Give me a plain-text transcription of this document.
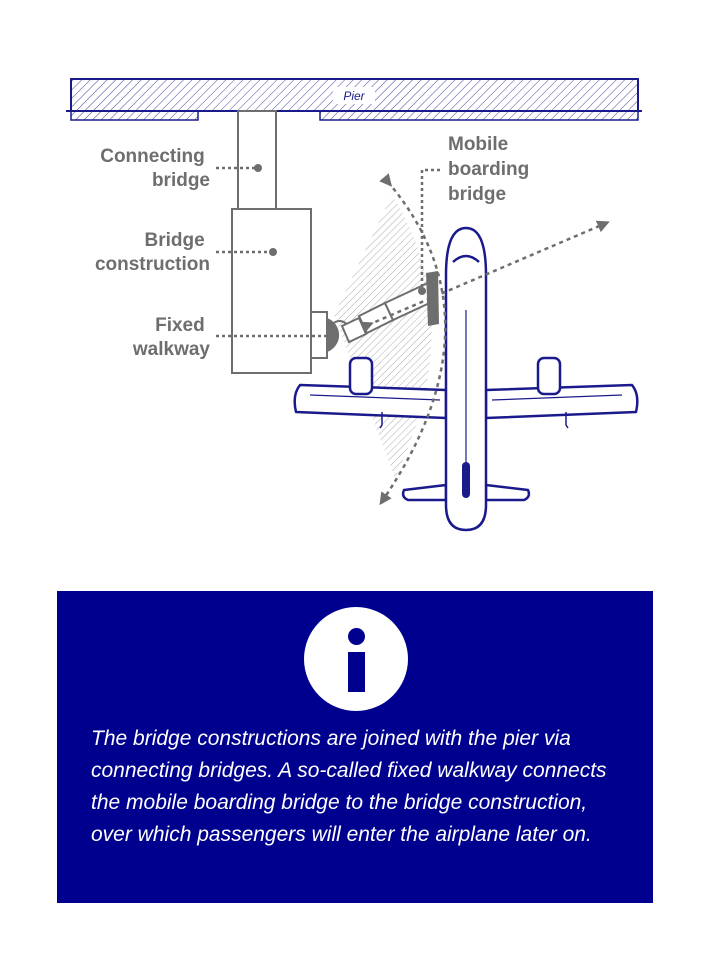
Pier
Connecting bridge
Bridge construction
Fixed walkway
Mobile boarding bridge

The bridge constructions are joined with the pier via connecting bridges. A so-called fixed walkway connects the mobile boarding bridge to the bridge construction, over which passengers will enter the airplane later on.
